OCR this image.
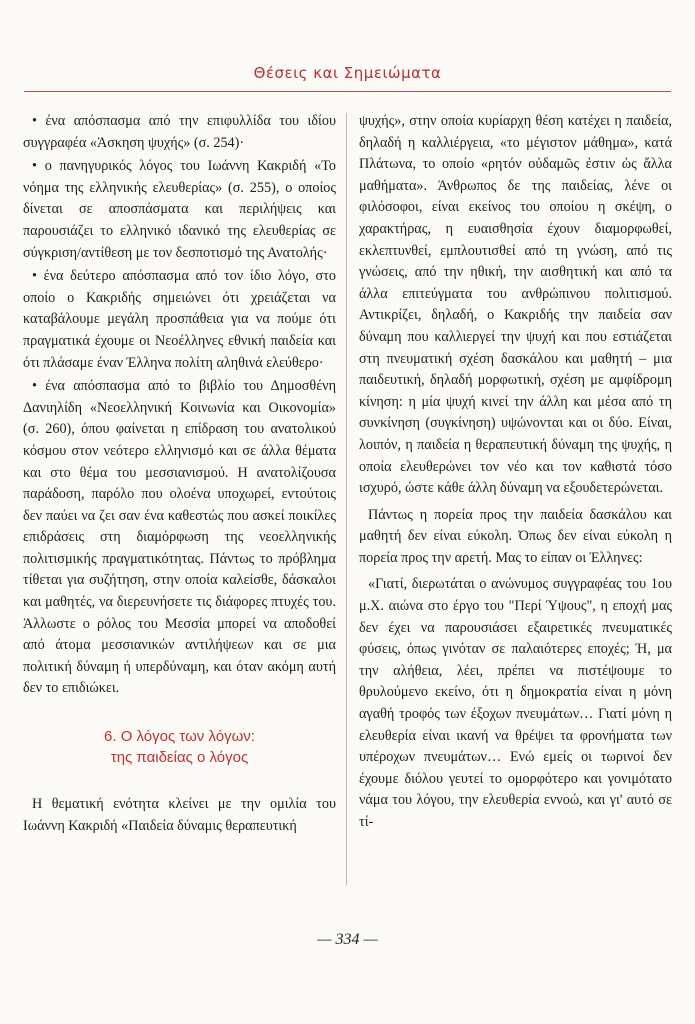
Θέσεις και Σημειώματα

• ένα απόσπασμα από την επιφυλλίδα του ιδίου συγγραφέα «Άσκηση ψυχής» (σ. 254)·

• ο πανηγυρικός λόγος του Ιωάννη Κακριδή «Το νόημα της ελληνικής ελευθερίας» (σ. 255), ο οποίος δίνεται σε αποσπάσματα και περιλήψεις και παρουσιάζει το ελληνικό ιδανικό της ελευθερίας σε σύγκριση/αντίθεση με τον δεσποτισμό της Ανατολής·

• ένα δεύτερο απόσπασμα από τον ίδιο λόγο, στο οποίο ο Κακριδής σημειώνει ότι χρειάζεται να καταβάλουμε μεγάλη προσπάθεια για να πούμε ότι πραγματικά έχουμε οι Νεοέλληνες εθνική παιδεία και ότι πλάσαμε έναν Έλληνα πολίτη αληθινά ελεύθερο·

• ένα απόσπασμα από το βιβλίο του Δημοσθένη Δανιηλίδη «Νεοελληνική Κοινωνία και Οικονομία» (σ. 260), όπου φαίνεται η επίδραση του ανατολικού κόσμου στον νεότερο ελληνισμό και σε άλλα θέματα και στο θέμα του μεσσιανισμού. Η ανατολίζουσα παράδοση, παρόλο που ολοένα υποχωρεί, εντούτοις δεν παύει να ζει σαν ένα καθεστώς που ασκεί ποικίλες επιδράσεις στη διαμόρφωση της νεοελληνικής πολιτισμικής πραγματικότητας. Πάντως το πρόβλημα τίθεται για συζήτηση, στην οποία καλείσθε, δάσκαλοι και μαθητές, να διερευνήσετε τις διάφορες πτυχές του. Άλλωστε ο ρόλος του Μεσσία μπορεί να αποδοθεί από άτομα μεσσιανικών αντιλήψεων και σε μια πολιτική δύναμη ή υπερδύναμη, και όταν ακόμη αυτή δεν το επιδιώκει.

6. Ο λόγος των λόγων:
της παιδείας ο λόγος

Η θεματική ενότητα κλείνει με την ομιλία του Ιωάννη Κακριδή «Παιδεία δύναμις θεραπευτική

ψυχής», στην οποία κυρίαρχη θέση κατέχει η παιδεία, δηλαδή η καλλιέργεια, «το μέγιστον μάθημα», κατά Πλάτωνα, το οποίο «ρητόν οὐδαμῶς ἐστιν ὡς ἄλλα μαθήματα». Άνθρωπος δε της παιδείας, λένε οι φιλόσοφοι, είναι εκείνος του οποίου η σκέψη, ο χαρακτήρας, η ευαισθησία έχουν διαμορφωθεί, εκλεπτυνθεί, εμπλουτισθεί από τη γνώση, από τις γνώσεις, από την ηθική, την αισθητική και από τα άλλα επιτεύγματα του ανθρώπινου πολιτισμού. Αντικρίζει, δηλαδή, ο Κακριδής την παιδεία σαν δύναμη που καλλιεργεί την ψυχή και που εστιάζεται στη πνευματική σχέση δασκάλου και μαθητή – μια παιδευτική, δηλαδή μορφωτική, σχέση με αμφίδρομη κίνηση: η μία ψυχή κινεί την άλλη και μέσα από τη συνκίνηση (συγκίνηση) υψώνονται και οι δύο. Είναι, λοιπόν, η παιδεία η θεραπευτική δύναμη της ψυχής, η οποία ελευθερώνει τον νέο και τον καθιστά τόσο ισχυρό, ώστε κάθε άλλη δύναμη να εξουδετερώνεται.

Πάντως η πορεία προς την παιδεία δασκάλου και μαθητή δεν είναι εύκολη. Όπως δεν είναι εύκολη η πορεία προς την αρετή. Μας το είπαν οι Έλληνες:

«Γιατί, διερωτάται ο ανώνυμος συγγραφέας του 1ου μ.Χ. αιώνα στο έργο του "Περί Ύψους", η εποχή μας δεν έχει να παρουσιάσει εξαιρετικές πνευματικές φύσεις, όπως γινόταν σε παλαιότερες εποχές; Ή, μα την αλήθεια, λέει, πρέπει να πιστέψουμε το θρυλούμενο εκείνο, ότι η δημοκρατία είναι η μόνη αγαθή τροφός των έξοχων πνευμάτων… Γιατί μόνη η ελευθερία είναι ικανή να θρέψει τα φρονήματα των υπέροχων πνευμάτων… Ενώ εμείς οι τωρινοί δεν έχουμε διόλου γευτεί το ομορφότερο και γονιμότατο νάμα του λόγου, την ελευθερία εννοώ, και γι' αυτό σε τί-

— 334 —
